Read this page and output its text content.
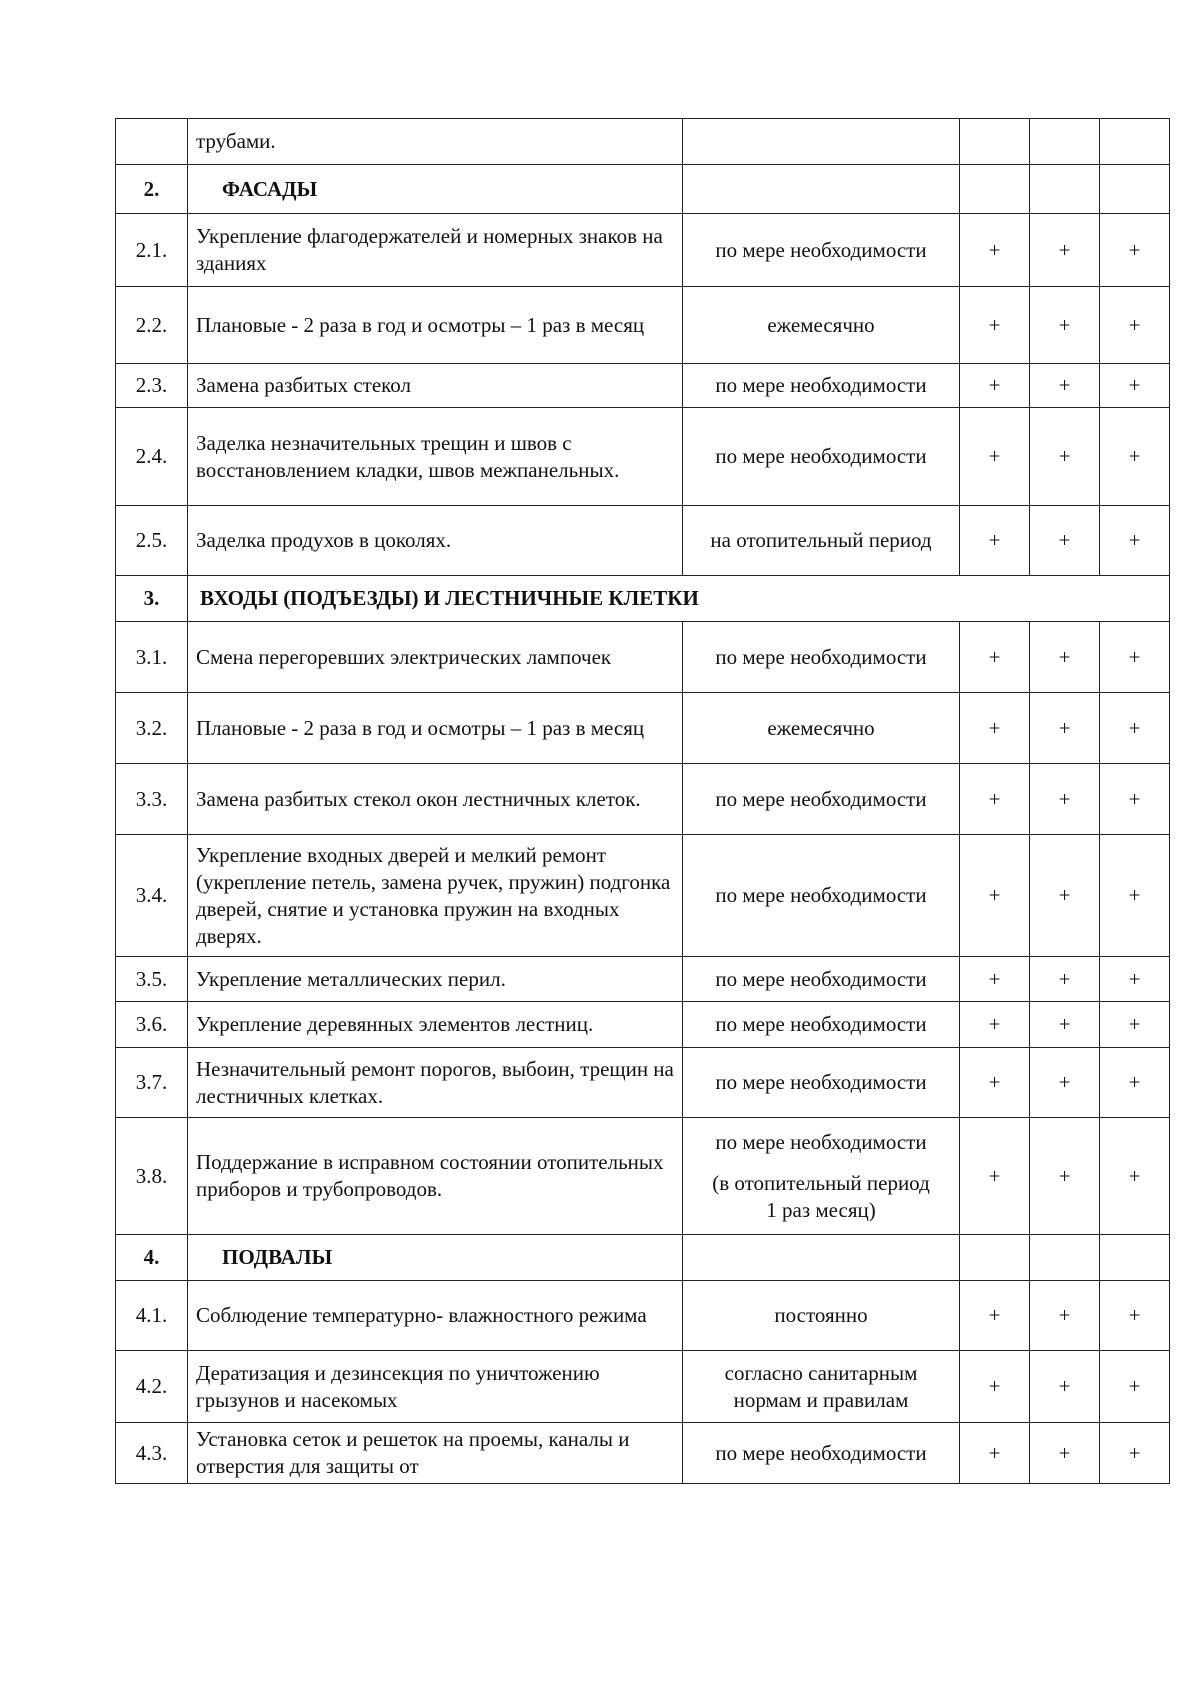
	трубами.				
2.	ФАСАДЫ				
2.1.	Укрепление флагодержателей и номерных знаков на зданиях	по мере необходимости	+	+	+
2.2.	Плановые - 2 раза в год и осмотры – 1 раз в месяц	ежемесячно	+	+	+
2.3.	Замена разбитых стекол	по мере необходимости	+	+	+
2.4.	Заделка незначительных трещин и швов с восстановлением кладки, швов межпанельных.	по мере необходимости	+	+	+
2.5.	Заделка продухов в цоколях.	на отопительный период	+	+	+
3.	ВХОДЫ (ПОДЪЕЗДЫ) И ЛЕСТНИЧНЫЕ КЛЕТКИ				
3.1.	Смена перегоревших электрических лампочек	по мере необходимости	+	+	+
3.2.	Плановые - 2 раза в год и осмотры – 1 раз в месяц	ежемесячно	+	+	+
3.3.	Замена разбитых стекол окон лестничных клеток.	по мере необходимости	+	+	+
3.4.	Укрепление входных дверей и мелкий ремонт (укрепление петель, замена ручек, пружин) подгонка дверей, снятие и установка пружин на входных дверях.	по мере необходимости	+	+	+
3.5.	Укрепление металлических перил.	по мере необходимости	+	+	+
3.6.	Укрепление деревянных элементов лестниц.	по мере необходимости	+	+	+
3.7.	Незначительный ремонт порогов, выбоин, трещин на лестничных клетках.	по мере необходимости	+	+	+
3.8.	Поддержание в исправном состоянии отопительных приборов и трубопроводов.	по мере необходимости
(в отопительный период
1 раз месяц)	+	+	+
4.	ПОДВАЛЫ				
4.1.	Соблюдение температурно- влажностного режима	постоянно	+	+	+
4.2.	Дератизация и дезинсекция по уничтожению грызунов и насекомых	согласно санитарным нормам и правилам	+	+	+
4.3.	Установка сеток и решеток на проемы, каналы и отверстия для защиты от	по мере необходимости	+	+	+
